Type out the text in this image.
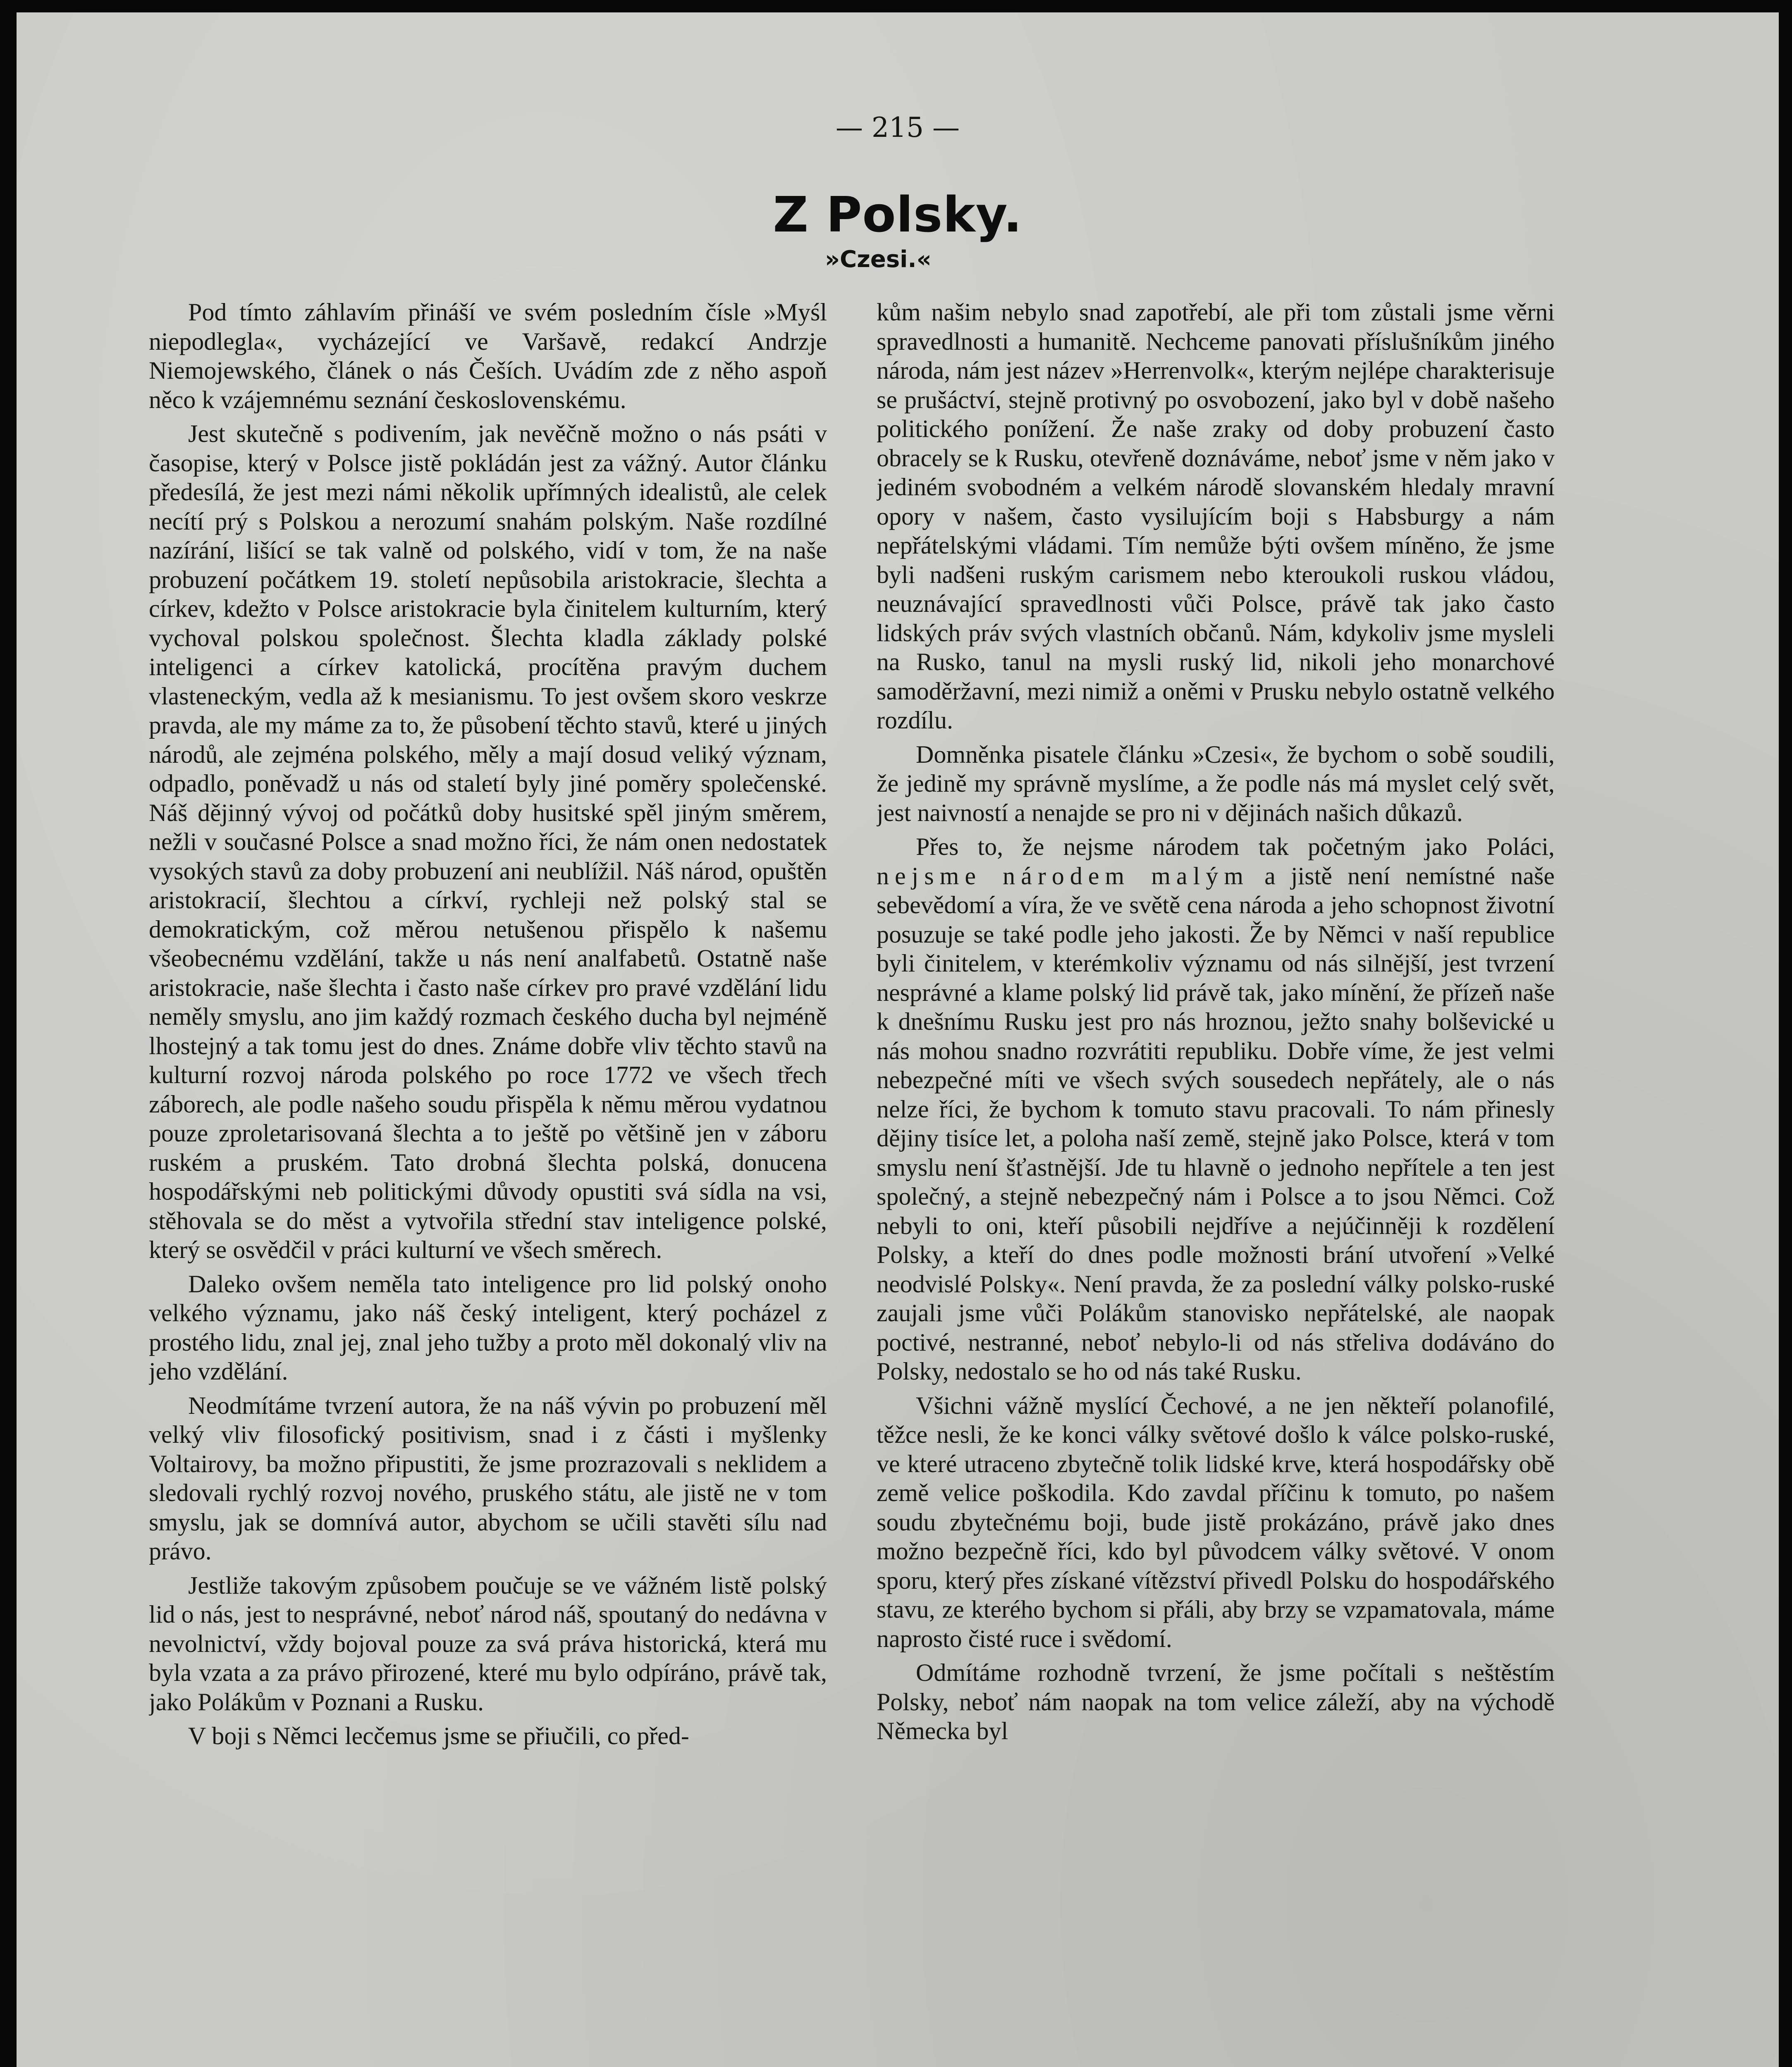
— 215 —
Z Polsky.
»Czesi.«

Pod tímto záhlavím přináší ve svém posledním čísle »Myśl niepodlegla«, vycházející ve Varšavě, redakcí Andrzje Niemojewského, článek o nás Češích. Uvádím zde z něho aspoň něco k vzájemnému seznání československému.

Jest skutečně s podivením, jak nevěčně možno o nás psáti v časopise, který v Polsce jistě pokládán jest za vážný. Autor článku předesílá, že jest mezi námi několik upřímných idealistů, ale celek necítí prý s Polskou a nerozumí snahám polským. Naše rozdílné nazírání, lišící se tak valně od polského, vidí v tom, že na naše probuzení počátkem 19. století nepůsobila aristokracie, šlechta a církev, kdežto v Polsce aristokracie byla činitelem kulturním, který vychoval polskou společnost. Šlechta kladla základy polské inteligenci a církev katolická, procítěna pravým duchem vlasteneckým, vedla až k mesianismu. To jest ovšem skoro veskrze pravda, ale my máme za to, že působení těchto stavů, které u jiných národů, ale zejména polského, měly a mají dosud veliký význam, odpadlo, poněvadž u nás od staletí byly jiné poměry společenské. Náš dějinný vývoj od počátků doby husitské spěl jiným směrem, nežli v současné Polsce a snad možno říci, že nám onen nedostatek vysokých stavů za doby probuzení ani neublížil. Náš národ, opuštěn aristokracií, šlechtou a církví, rychleji než polský stal se demokratickým, což měrou netušenou přispělo k našemu všeobecnému vzdělání, takže u nás není analfabetů. Ostatně naše aristokracie, naše šlechta i často naše církev pro pravé vzdělání lidu neměly smyslu, ano jim každý rozmach českého ducha byl nejméně lhostejný a tak tomu jest do dnes. Známe dobře vliv těchto stavů na kulturní rozvoj národa polského po roce 1772 ve všech třech záborech, ale podle našeho soudu přispěla k němu měrou vydatnou pouze zproletarisovaná šlechta a to ještě po většině jen v záboru ruském a pruském. Tato drobná šlechta polská, donucena hospodářskými neb politickými důvody opustiti svá sídla na vsi, stěhovala se do měst a vytvořila střední stav inteligence polské, který se osvědčil v práci kulturní ve všech směrech.

Daleko ovšem neměla tato inteligence pro lid polský onoho velkého významu, jako náš český inteligent, který pocházel z prostého lidu, znal jej, znal jeho tužby a proto měl dokonalý vliv na jeho vzdělání.

Neodmítáme tvrzení autora, že na náš vývin po probuzení měl velký vliv filosofický positivism, snad i z části i myšlenky Voltairovy, ba možno připustiti, že jsme prozrazovali s neklidem a sledovali rychlý rozvoj nového, pruského státu, ale jistě ne v tom smyslu, jak se domnívá autor, abychom se učili stavěti sílu nad právo.

Jestliže takovým způsobem poučuje se ve vážném listě polský lid o nás, jest to nesprávné, neboť národ náš, spoutaný do nedávna v nevolnictví, vždy bojoval pouze za svá práva historická, která mu byla vzata a za právo přirozené, které mu bylo odpíráno, právě tak, jako Polákům v Poznani a Rusku.

V boji s Němci lecčemus jsme se přiučili, co před-

kům našim nebylo snad zapotřebí, ale při tom zůstali jsme věrni spravedlnosti a humanitě. Nechceme panovati příslušníkům jiného národa, nám jest název »Herrenvolk«, kterým nejlépe charakterisuje se prušáctví, stejně protivný po osvobození, jako byl v době našeho politického ponížení. Že naše zraky od doby probuzení často obracely se k Rusku, otevřeně doznáváme, neboť jsme v něm jako v jediném svobodném a velkém národě slovanském hledaly mravní opory v našem, často vysilujícím boji s Habsburgy a nám nepřátelskými vládami. Tím nemůže býti ovšem míněno, že jsme byli nadšeni ruským carismem nebo kteroukoli ruskou vládou, neuznávající spravedlnosti vůči Polsce, právě tak jako často lidských práv svých vlastních občanů. Nám, kdykoliv jsme mysleli na Rusko, tanul na mysli ruský lid, nikoli jeho monarchové samoděržavní, mezi nimiž a oněmi v Prusku nebylo ostatně velkého rozdílu.

Domněnka pisatele článku »Czesi«, že bychom o sobě soudili, že jedině my správně myslíme, a že podle nás má myslet celý svět, jest naivností a nenajde se pro ni v dějinách našich důkazů.

Přes to, že nejsme národem tak početným jako Poláci, nejsme národem malým a jistě není nemístné naše sebevědomí a víra, že ve světě cena národa a jeho schopnost životní posuzuje se také podle jeho jakosti. Že by Němci v naší republice byli činitelem, v kterémkoliv významu od nás silnější, jest tvrzení nesprávné a klame polský lid právě tak, jako mínění, že přízeň naše k dnešnímu Rusku jest pro nás hroznou, ježto snahy bolševické u nás mohou snadno rozvrátiti republiku. Dobře víme, že jest velmi nebezpečné míti ve všech svých sousedech nepřátely, ale o nás nelze říci, že bychom k tomuto stavu pracovali. To nám přinesly dějiny tisíce let, a poloha naší země, stejně jako Polsce, která v tom smyslu není šťastnější. Jde tu hlavně o jednoho nepřítele a ten jest společný, a stejně nebezpečný nám i Polsce a to jsou Němci. Což nebyli to oni, kteří působili nejdříve a nejúčinněji k rozdělení Polsky, a kteří do dnes podle možnosti brání utvoření »Velké neodvislé Polsky«. Není pravda, že za poslední války polsko-ruské zaujali jsme vůči Polákům stanovisko nepřátelské, ale naopak poctivé, nestranné, neboť nebylo-li od nás střeliva dodáváno do Polsky, nedostalo se ho od nás také Rusku.

Všichni vážně myslící Čechové, a ne jen někteří polanofilé, těžce nesli, že ke konci války světové došlo k válce polsko-ruské, ve které utraceno zbytečně tolik lidské krve, která hospodářsky obě země velice poškodila. Kdo zavdal příčinu k tomuto, po našem soudu zbytečnému boji, bude jistě prokázáno, právě jako dnes možno bezpečně říci, kdo byl původcem války světové. V onom sporu, který přes získané vítězství přivedl Polsku do hospodářského stavu, ze kterého bychom si přáli, aby brzy se vzpamatovala, máme naprosto čisté ruce i svědomí.

Odmítáme rozhodně tvrzení, že jsme počítali s neštěstím Polsky, neboť nám naopak na tom velice záleží, aby na východě Německa byl
